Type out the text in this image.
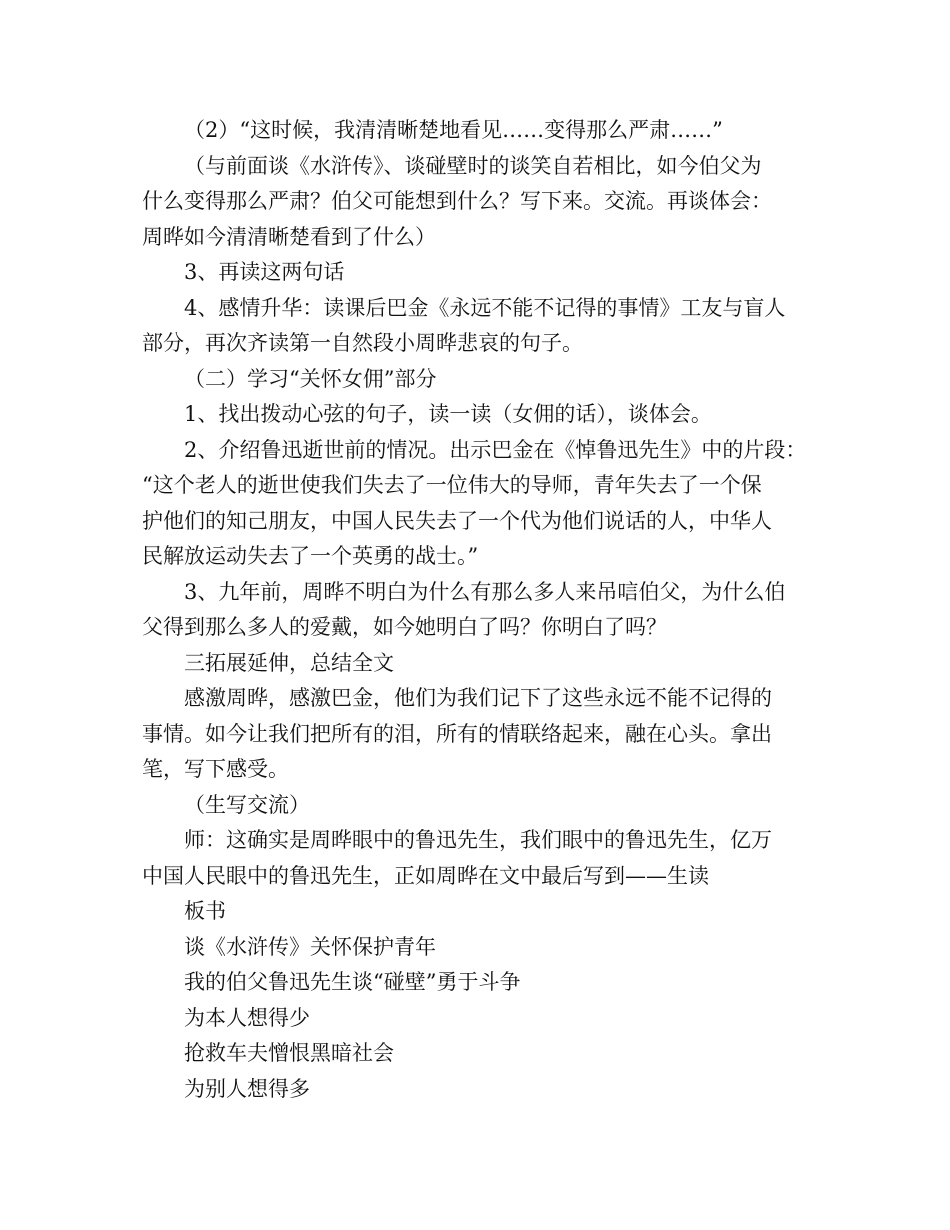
（2）“这时候，我清清晰楚地看见……变得那么严肃……”
（与前面谈《水浒传》、谈碰壁时的谈笑自若相比，如今伯父为
什么变得那么严肃？伯父可能想到什么？写下来。交流。再谈体会：
周晔如今清清晰楚看到了什么）
3、再读这两句话
4、感情升华：读课后巴金《永远不能不记得的事情》工友与盲人
部分，再次齐读第一自然段小周晔悲哀的句子。
（二）学习“关怀女佣”部分
1、找出拨动心弦的句子，读一读（女佣的话），谈体会。
2、介绍鲁迅逝世前的情况。出示巴金在《悼鲁迅先生》中的片段：
“这个老人的逝世使我们失去了一位伟大的导师，青年失去了一个保
护他们的知己朋友，中国人民失去了一个代为他们说话的人，中华人
民解放运动失去了一个英勇的战士。”
3、九年前，周晔不明白为什么有那么多人来吊唁伯父，为什么伯
父得到那么多人的爱戴，如今她明白了吗？你明白了吗？
三拓展延伸，总结全文
感激周晔，感激巴金，他们为我们记下了这些永远不能不记得的
事情。如今让我们把所有的泪，所有的情联络起来，融在心头。拿出
笔，写下感受。
（生写交流）
师：这确实是周晔眼中的鲁迅先生，我们眼中的鲁迅先生，亿万
中国人民眼中的鲁迅先生，正如周晔在文中最后写到——生读
板书
谈《水浒传》关怀保护青年
我的伯父鲁迅先生谈“碰壁”勇于斗争
为本人想得少
抢救车夫憎恨黑暗社会
为别人想得多
